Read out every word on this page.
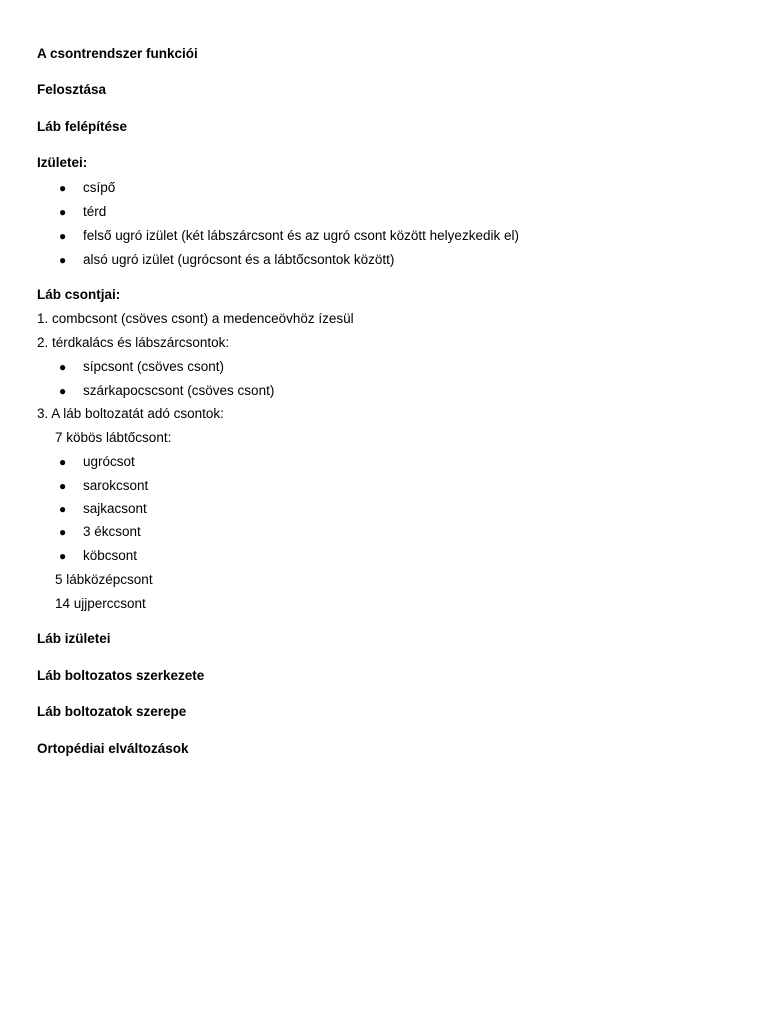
A csontrendszer funkciói
Felosztása
Láb felépítése
Izületei:
● csípő
● térd
● felső ugró izület (két lábszárcsont és az ugró csont között helyezkedik el)
● alsó ugró izület (ugrócsont és a lábtőcsontok között)
Láb csontjai:
1. combcsont (csöves csont) a medenceövhöz ízesül
2. térdkalács és lábszárcsontok:
● sípcsont (csöves csont)
● szárkapocscsont (csöves csont)
3. A láb boltozatát adó csontok:
7 köbös lábtőcsont:
● ugrócsot
● sarokcsont
● sajkacsont
● 3 ékcsont
● köbcsont
5 lábközépcsont
14 ujjperccsont
Láb izületei
Láb boltozatos szerkezete
Láb boltozatok szerepe
Ortopédiai elváltozások
